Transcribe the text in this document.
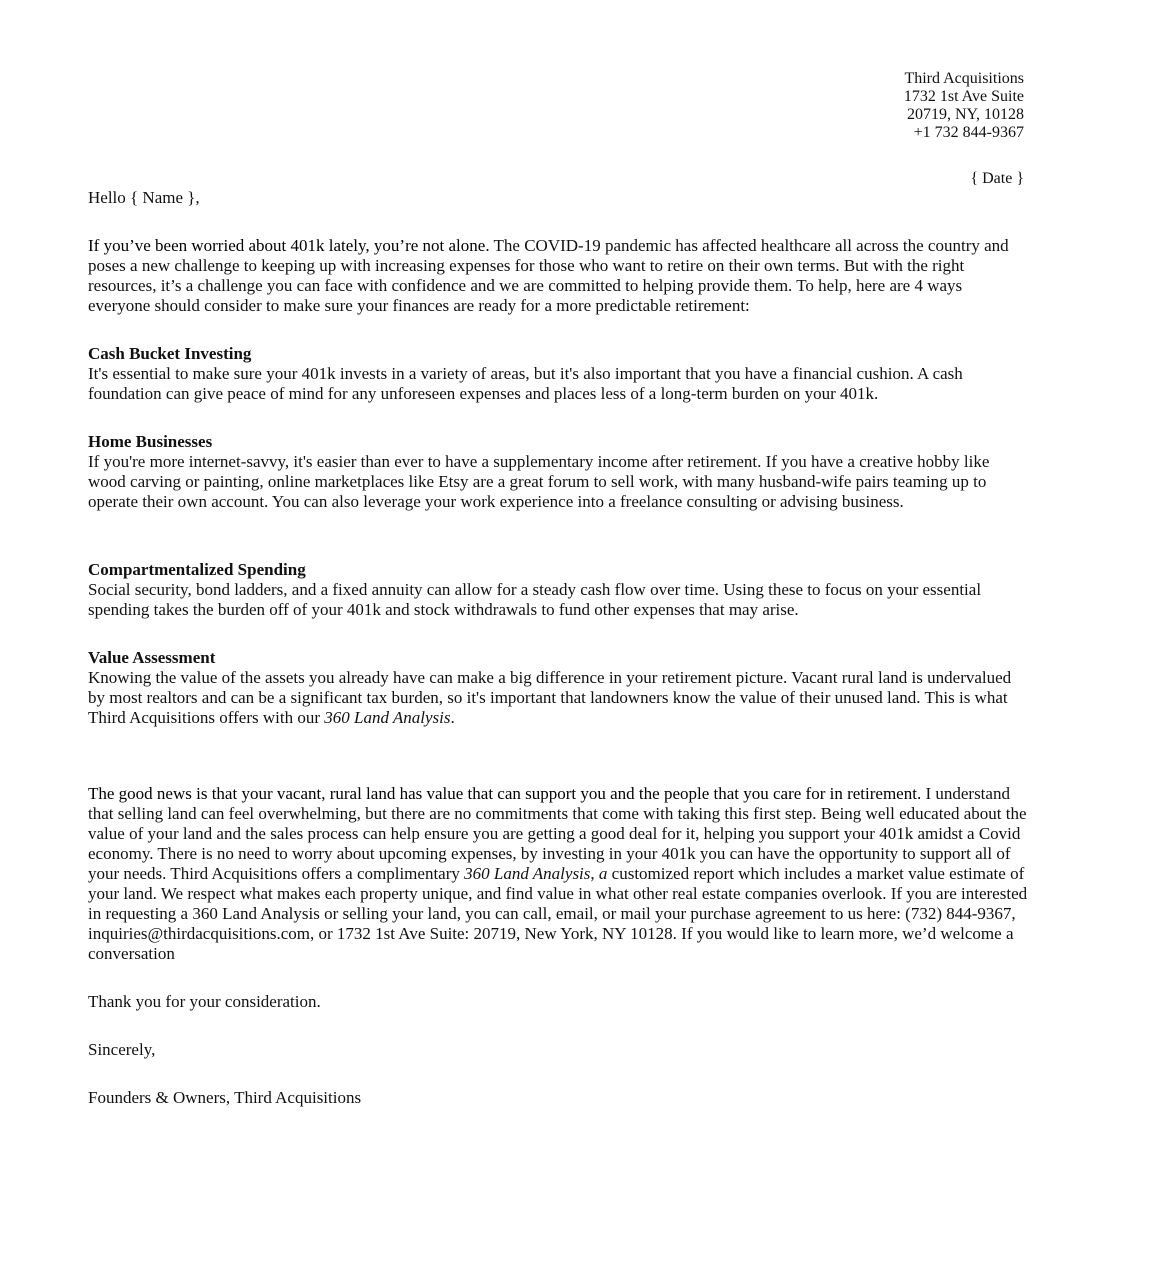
Third Acquisitions
1732 1st Ave Suite
20719, NY, 10128
+1 732 844-9367
{ Date }
Hello { Name },

If you’ve been worried about 401k lately, you’re not alone. The COVID-19 pandemic has affected healthcare all across the country and poses a new challenge to keeping up with increasing expenses for those who want to retire on their own terms. But with the right resources, it’s a challenge you can face with confidence and we are committed to helping provide them. To help, here are 4 ways everyone should consider to make sure your finances are ready for a more predictable retirement:

Cash Bucket Investing

It's essential to make sure your 401k invests in a variety of areas, but it's also important that you have a financial cushion. A cash foundation can give peace of mind for any unforeseen expenses and places less of a long-term burden on your 401k.

Home Businesses

If you're more internet-savvy, it's easier than ever to have a supplementary income after retirement. If you have a creative hobby like wood carving or painting, online marketplaces like Etsy are a great forum to sell work, with many husband-wife pairs teaming up to operate their own account. You can also leverage your work experience into a freelance consulting or advising business.

Compartmentalized Spending

Social security, bond ladders, and a fixed annuity can allow for a steady cash flow over time. Using these to focus on your essential spending takes the burden off of your 401k and stock withdrawals to fund other expenses that may arise.

Value Assessment

Knowing the value of the assets you already have can make a big difference in your retirement picture. Vacant rural land is undervalued by most realtors and can be a significant tax burden, so it's important that landowners know the value of their unused land. This is what Third Acquisitions offers with our 360 Land Analysis.

The good news is that your vacant, rural land has value that can support you and the people that you care for in retirement. I understand that selling land can feel overwhelming, but there are no commitments that come with taking this first step. Being well educated about the value of your land and the sales process can help ensure you are getting a good deal for it, helping you support your 401k amidst a Covid economy. There is no need to worry about upcoming expenses, by investing in your 401k you can have the opportunity to support all of your needs. Third Acquisitions offers a complimentary 360 Land Analysis, a customized report which includes a market value estimate of your land. We respect what makes each property unique, and find value in what other real estate companies overlook. If you are interested in requesting a 360 Land Analysis or selling your land, you can call, email, or mail your purchase agreement to us here: (732) 844-9367, inquiries@thirdacquisitions.com, or 1732 1st Ave Suite: 20719, New York, NY 10128. If you would like to learn more, we’d welcome a conversation

Thank you for your consideration.
Sincerely,
Founders & Owners, Third Acquisitions
